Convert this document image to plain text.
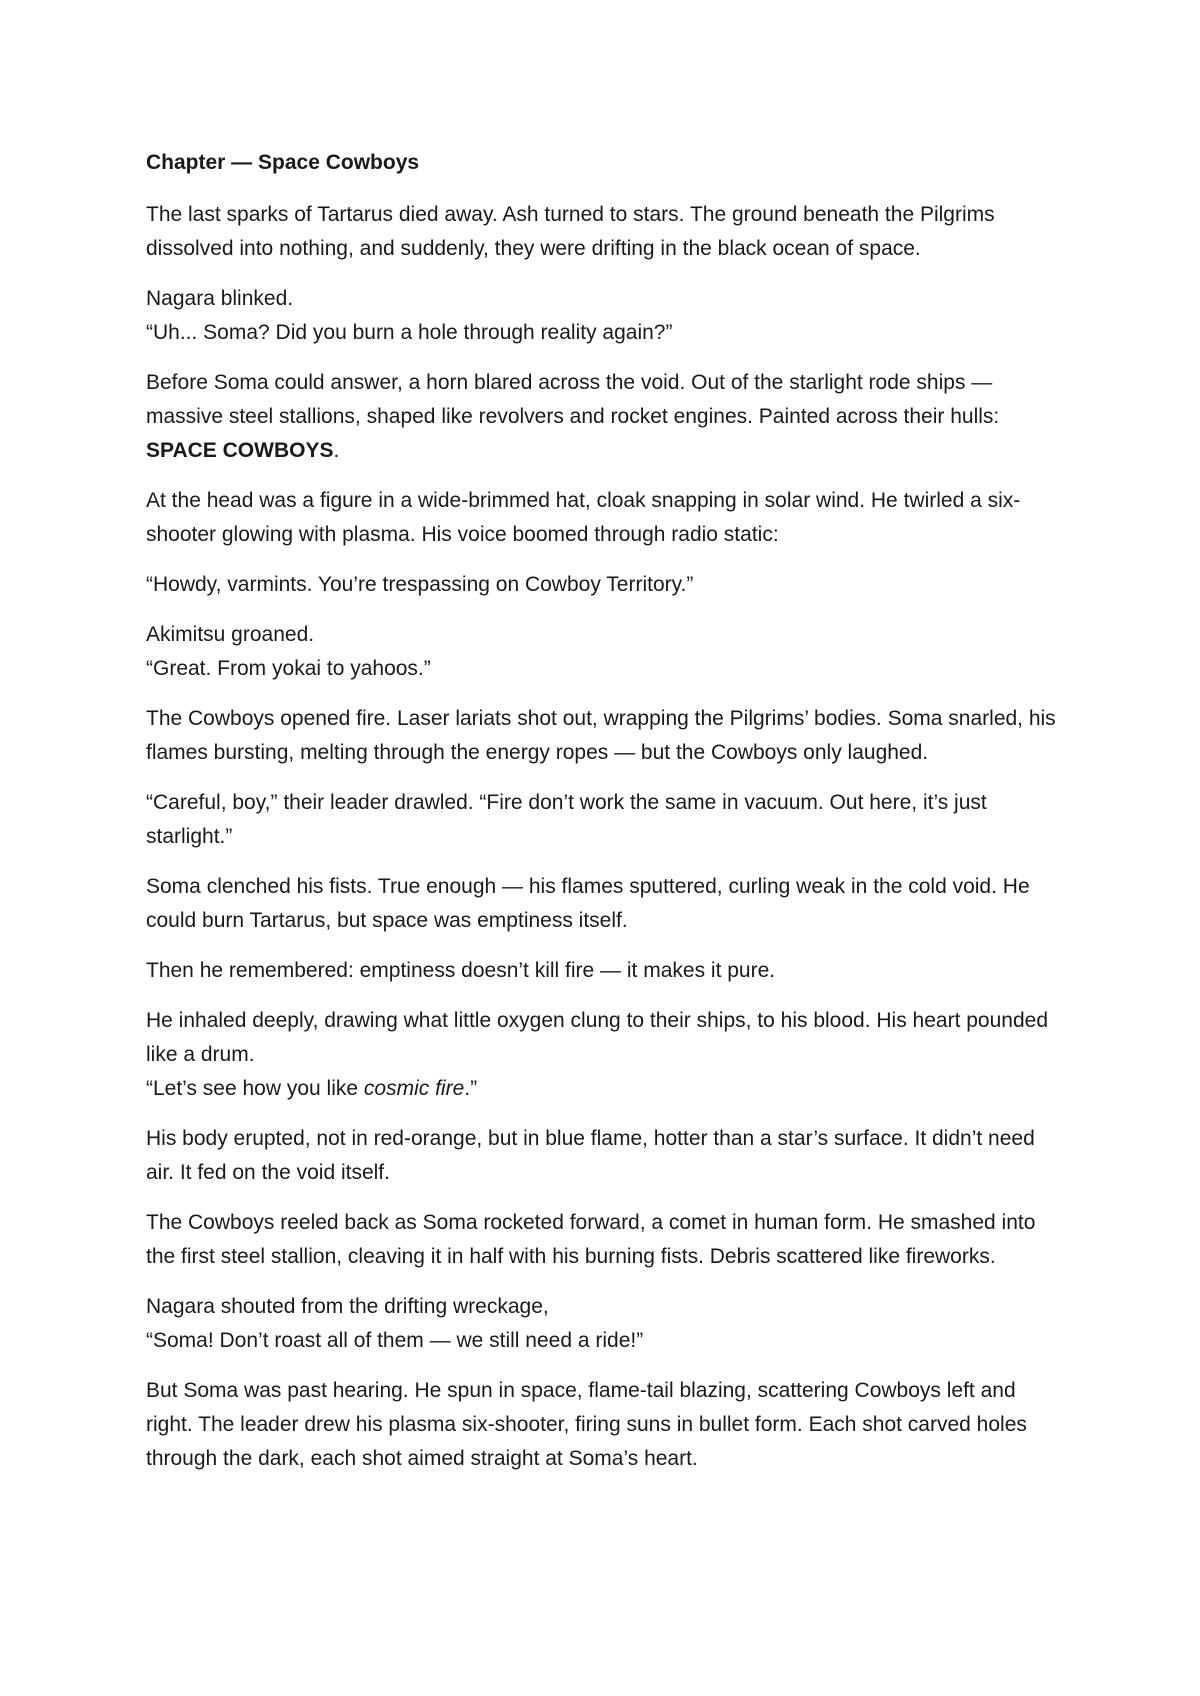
Chapter — Space Cowboys

The last sparks of Tartarus died away. Ash turned to stars. The ground beneath the Pilgrims dissolved into nothing, and suddenly, they were drifting in the black ocean of space.

Nagara blinked.
“Uh... Soma? Did you burn a hole through reality again?”

Before Soma could answer, a horn blared across the void. Out of the starlight rode ships — massive steel stallions, shaped like revolvers and rocket engines. Painted across their hulls:
SPACE COWBOYS.

At the head was a figure in a wide-brimmed hat, cloak snapping in solar wind. He twirled a six-shooter glowing with plasma. His voice boomed through radio static:

“Howdy, varmints. You’re trespassing on Cowboy Territory.”

Akimitsu groaned.
“Great. From yokai to yahoos.”

The Cowboys opened fire. Laser lariats shot out, wrapping the Pilgrims’ bodies. Soma snarled, his flames bursting, melting through the energy ropes — but the Cowboys only laughed.

“Careful, boy,” their leader drawled. “Fire don’t work the same in vacuum. Out here, it’s just starlight.”

Soma clenched his fists. True enough — his flames sputtered, curling weak in the cold void. He could burn Tartarus, but space was emptiness itself.

Then he remembered: emptiness doesn’t kill fire — it makes it pure.

He inhaled deeply, drawing what little oxygen clung to their ships, to his blood. His heart pounded like a drum.
“Let’s see how you like cosmic fire.”

His body erupted, not in red-orange, but in blue flame, hotter than a star’s surface. It didn’t need air. It fed on the void itself.

The Cowboys reeled back as Soma rocketed forward, a comet in human form. He smashed into the first steel stallion, cleaving it in half with his burning fists. Debris scattered like fireworks.

Nagara shouted from the drifting wreckage,
“Soma! Don’t roast all of them — we still need a ride!”

But Soma was past hearing. He spun in space, flame-tail blazing, scattering Cowboys left and right. The leader drew his plasma six-shooter, firing suns in bullet form. Each shot carved holes through the dark, each shot aimed straight at Soma’s heart.
